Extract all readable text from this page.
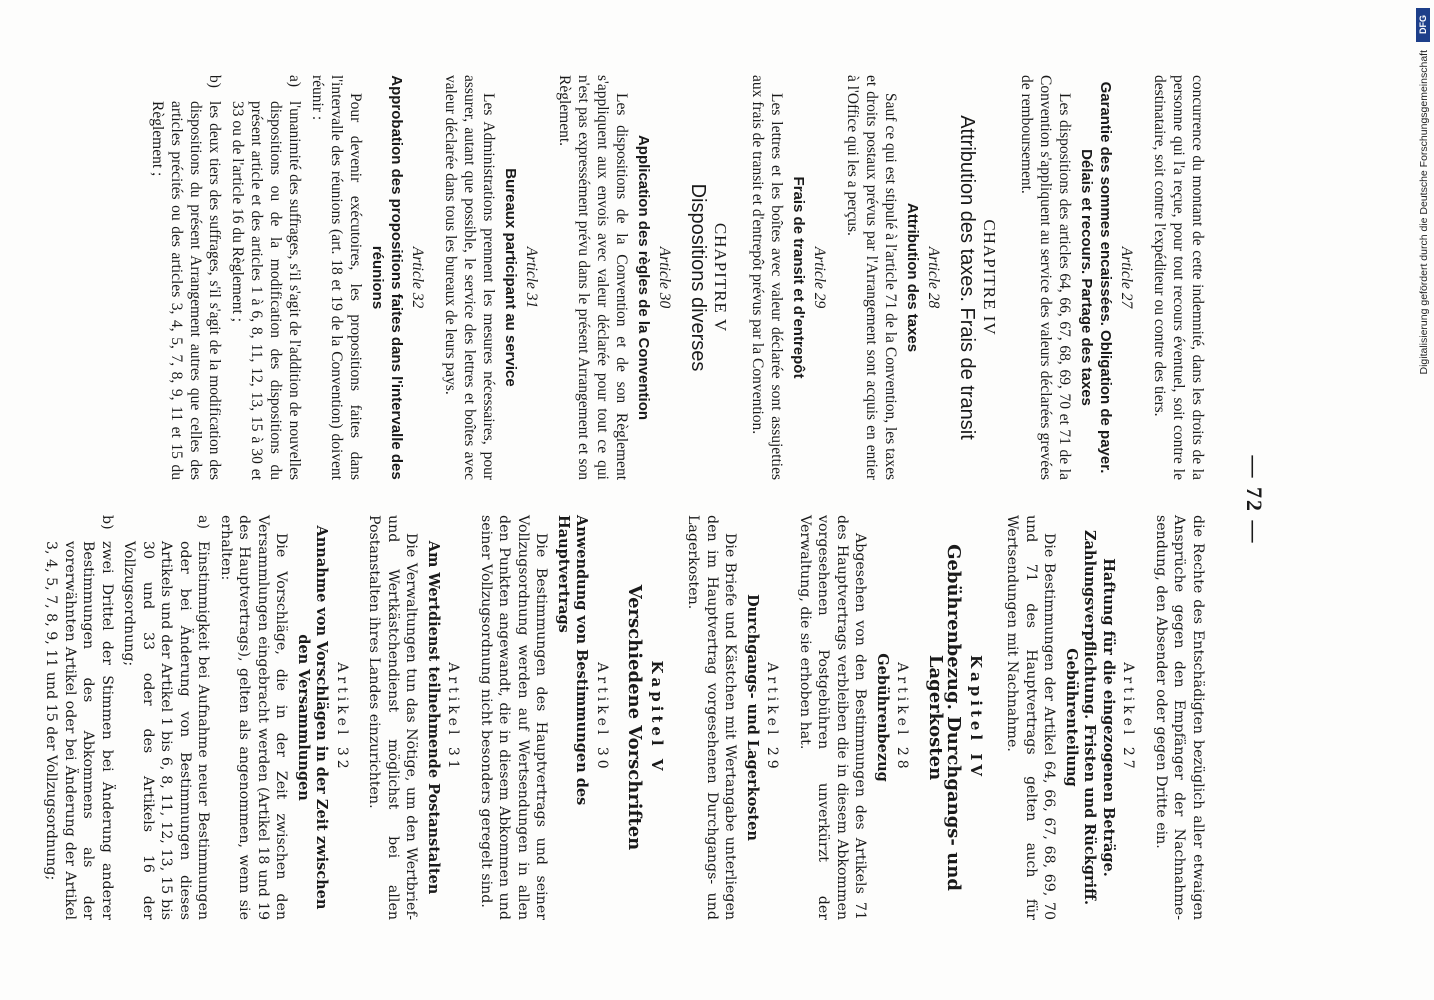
— 72 —

concurrence du montant de cette indemnité, dans les droits de la personne qui l'a reçue, pour tout recours éventuel, soit contre le destinataire, soit contre l'expéditeur ou contre des tiers.

Article 27
Garantie des sommes encaissées. Obligation de payer. Délais et recours. Partage des taxes

Les dispositions des articles 64, 66, 67, 68, 69, 70 et 71 de la Convention s'appliquent au service des valeurs déclarées grevées de remboursement.

CHAPITRE IV
Attribution des taxes. Frais de transit
Article 28
Attribution des taxes

Sauf ce qui est stipulé à l'article 71 de la Convention, les taxes et droits postaux prévus par l'Arrangement sont acquis en entier à l'Office qui les a perçus.

Article 29
Frais de transit et d'entrepôt

Les lettres et les boîtes avec valeur déclarée sont assujetties aux frais de transit et d'entrepôt prévus par la Convention.

CHAPITRE V
Dispositions diverses
Article 30
Application des règles de la Convention

Les dispositions de la Convention et de son Règlement s'appliquent aux envois avec valeur déclarée pour tout ce qui n'est pas expressément prévu dans le présent Arrangement et son Règlement.

Article 31
Bureaux participant au service

Les Administrations prennent les mesures nécessaires, pour assurer, autant que possible, le service des lettres et boîtes avec valeur déclarée dans tous les bureaux de leurs pays.

Article 32
Approbation des propositions faites dans l'intervalle des réunions

Pour devenir exécutoires, les propositions faites dans l'intervalle des réunions (art. 18 et 19 de la Convention) doivent réunir :

a)
l'unanimité des suffrages, s'il s'agit de l'addition de nouvelles dispositions ou de la modification des dispositions du présent article et des articles 1 à 6, 8, 11, 12, 13, 15 à 30 et 33 ou de l'article 16 du Règlement ;
b)
les deux tiers des suffrages, s'il s'agit de la modification des dispositions du présent Arrangement autres que celles des articles précités ou des articles 3, 4, 5, 7, 8, 9, 11 et 15 du Règlement ;

die Rechte des Entschädigten bezüglich aller etwaigen Ansprüche gegen den Empfänger der Nachnahme-sendung, den Absender oder gegen Dritte ein.

Artikel 27
Haftung für die eingezogenen Beträge. Zahlungsverpflichtung. Fristen und Rückgriff. Gebührenteilung

Die Bestimmungen der Artikel 64, 66, 67, 68, 69, 70 und 71 des Hauptvertrags gelten auch für Wertsendungen mit Nachnahme.

Kapitel IV
Gebührenbezug. Durchgangs- und Lagerkosten
Artikel 28
Gebührenbezug

Abgesehen von den Bestimmungen des Artikels 71 des Hauptvertrags verbleiben die in diesem Abkommen vorgesehenen Postgebühren unverkürzt der Verwaltung, die sie erhoben hat.

Artikel 29
Durchgangs- und Lagerkosten

Die Briefe und Kästchen mit Wertangabe unterliegen den im Hauptvertrag vorgesehenen Durchgangs- und Lagerkosten.

Kapitel V
Verschiedene Vorschriften
Artikel 30
Anwendung von Bestimmungen des Hauptvertrags

Die Bestimmungen des Hauptvertrags und seiner Vollzugsordnung werden auf Wertsendungen in allen den Punkten angewandt, die in diesem Abkommen und seiner Vollzugsordnung nicht besonders geregelt sind.

Artikel 31
Am Wertdienst teilnehmende Postanstalten

Die Verwaltungen tun das Nötige, um den Wertbrief- und Wertkästchendienst möglichst bei allen Postanstalten ihres Landes einzurichten.

Artikel 32
Annahme von Vorschlägen in der Zeit zwischen den Versammlungen

Die Vorschläge, die in der Zeit zwischen den Versammlungen eingebracht werden (Artikel 18 und 19 des Hauptvertrags), gelten als angenommen, wenn sie erhalten:

a)
Einstimmigkeit bei Aufnahme neuer Bestimmungen oder bei Änderung von Bestimmungen dieses Artikels und der Artikel 1 bis 6, 8, 11, 12, 13, 15 bis 30 und 33 oder des Artikels 16 der Vollzugsordnung;
b)
zwei Drittel der Stimmen bei Änderung anderer Bestimmungen des Abkommens als der vorerwähnten Artikel oder bei Änderung der Artikel 3, 4, 5, 7, 8, 9, 11 und 15 der Vollzugsordnung;
DFG
Digitalisierung gefördert durch die Deutsche Forschungsgemeinschaft
